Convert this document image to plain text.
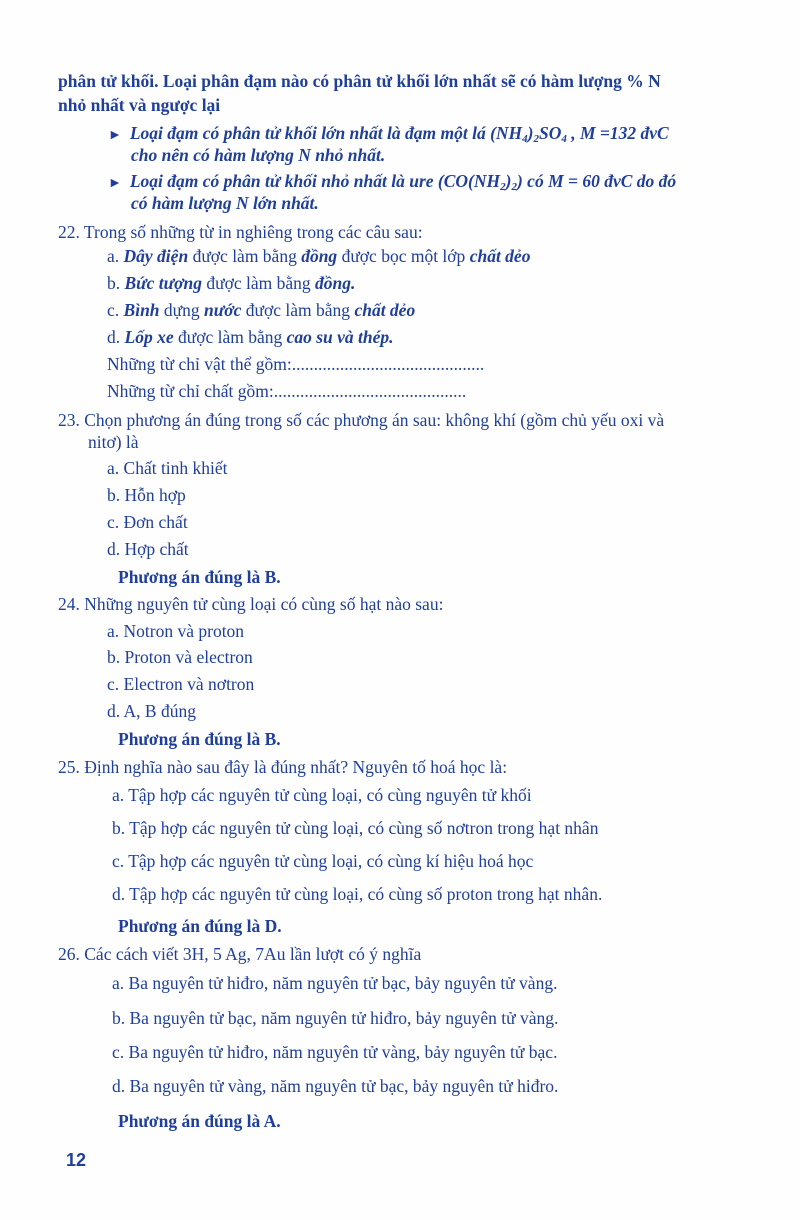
phân tử khối. Loại phân đạm nào có phân tử khối lớn nhất sẽ có hàm lượng % N
nhỏ nhất và ngược lại
► Loại đạm có phân tử khối lớn nhất là đạm một lá $(NH_4)_2SO_4$ , M =132 đvC
cho nên có hàm lượng N nhỏ nhất.
► Loại đạm có phân tử khối nhỏ nhất là ure $(CO(NH_2)_2)$ có M = 60 đvC do đó
có hàm lượng N lớn nhất.
22. Trong số những từ in nghiêng trong các câu sau:
a. Dây điện được làm bằng đồng được bọc một lớp chất dẻo
b. Bức tượng được làm bằng đồng.
c. Bình dựng nước được làm bằng chất dẻo
d. Lốp xe được làm bằng cao su và thép.
Những từ chỉ vật thể gồm:............................................
Những từ chỉ chất gồm:............................................
23. Chọn phương án đúng trong số các phương án sau: không khí (gồm chủ yếu oxi và
nitơ) là
a. Chất tinh khiết
b. Hỗn hợp
c. Đơn chất
d. Hợp chất
Phương án đúng là B.
24. Những nguyên tử cùng loại có cùng số hạt nào sau:
a. Notron và proton
b. Proton và electron
c. Electron và nơtron
d. A, B đúng
Phương án đúng là B.
25. Định nghĩa nào sau đây là đúng nhất? Nguyên tố hoá học là:
a. Tập hợp các nguyên tử cùng loại, có cùng nguyên tử khối
b. Tập hợp các nguyên tử cùng loại, có cùng số nơtron trong hạt nhân
c. Tập hợp các nguyên tử cùng loại, có cùng kí hiệu hoá học
d. Tập hợp các nguyên tử cùng loại, có cùng số proton trong hạt nhân.
Phương án đúng là D.
26. Các cách viết 3H, 5 Ag, 7Au lần lượt có ý nghĩa
a. Ba nguyên tử hiđro, năm nguyên tử bạc, bảy nguyên tử vàng.
b. Ba nguyên tử bạc, năm nguyên tử hiđro, bảy nguyên tử vàng.
c. Ba nguyên tử hiđro, năm nguyên tử vàng, bảy nguyên tử bạc.
d. Ba nguyên tử vàng, năm nguyên tử bạc, bảy nguyên tử hiđro.
Phương án đúng là A.
12
